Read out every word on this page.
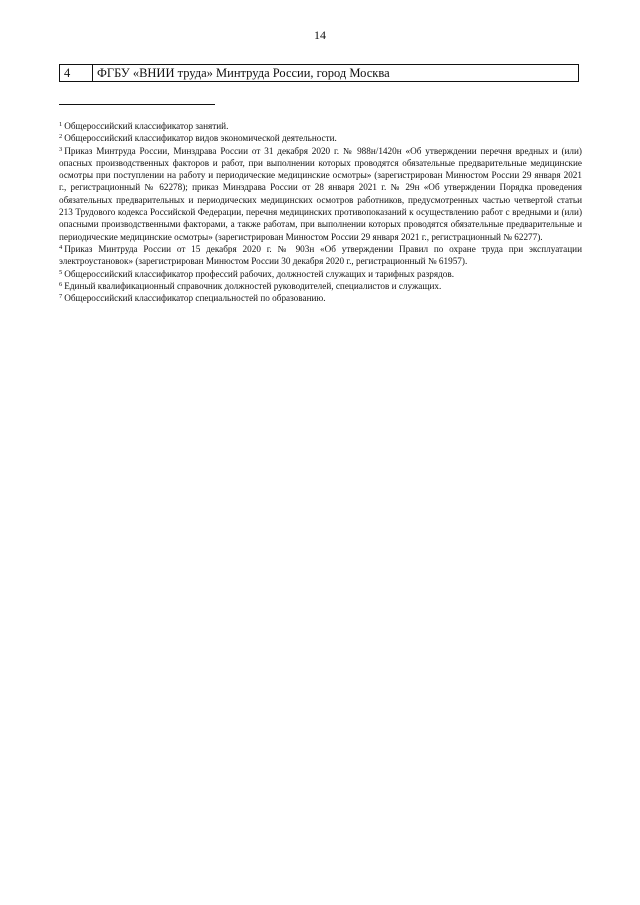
14
4	ФГБУ «ВНИИ труда» Минтруда России, город Москва

$^1$ Общероссийский классификатор занятий.

$^2$ Общероссийский классификатор видов экономической деятельности.

$^3$ Приказ Минтруда России, Минздрава России от 31 декабря 2020 г. № 988н/1420н «Об утверждении перечня вредных и (или) опасных производственных факторов и работ, при выполнении которых проводятся обязательные предварительные медицинские осмотры при поступлении на работу и периодические медицинские осмотры» (зарегистрирован Минюстом России 29 января 2021 г., регистрационный № 62278); приказ Минздрава России от 28 января 2021 г. № 29н «Об утверждении Порядка проведения обязательных предварительных и периодических медицинских осмотров работников, предусмотренных частью четвертой статьи 213 Трудового кодекса Российской Федерации, перечня медицинских противопоказаний к осуществлению работ с вредными и (или) опасными производственными факторами, а также работам, при выполнении которых проводятся обязательные предварительные и периодические медицинские осмотры» (зарегистрирован Минюстом России 29 января 2021 г., регистрационный № 62277).

$^4$ Приказ Минтруда России от 15 декабря 2020 г. № 903н «Об утверждении Правил по охране труда при эксплуатации электроустановок» (зарегистрирован Минюстом России 30 декабря 2020 г., регистрационный № 61957).

$^5$ Общероссийский классификатор профессий рабочих, должностей служащих и тарифных разрядов.

$^6$ Единый квалификационный справочник должностей руководителей, специалистов и служащих.

$^7$ Общероссийский классификатор специальностей по образованию.
